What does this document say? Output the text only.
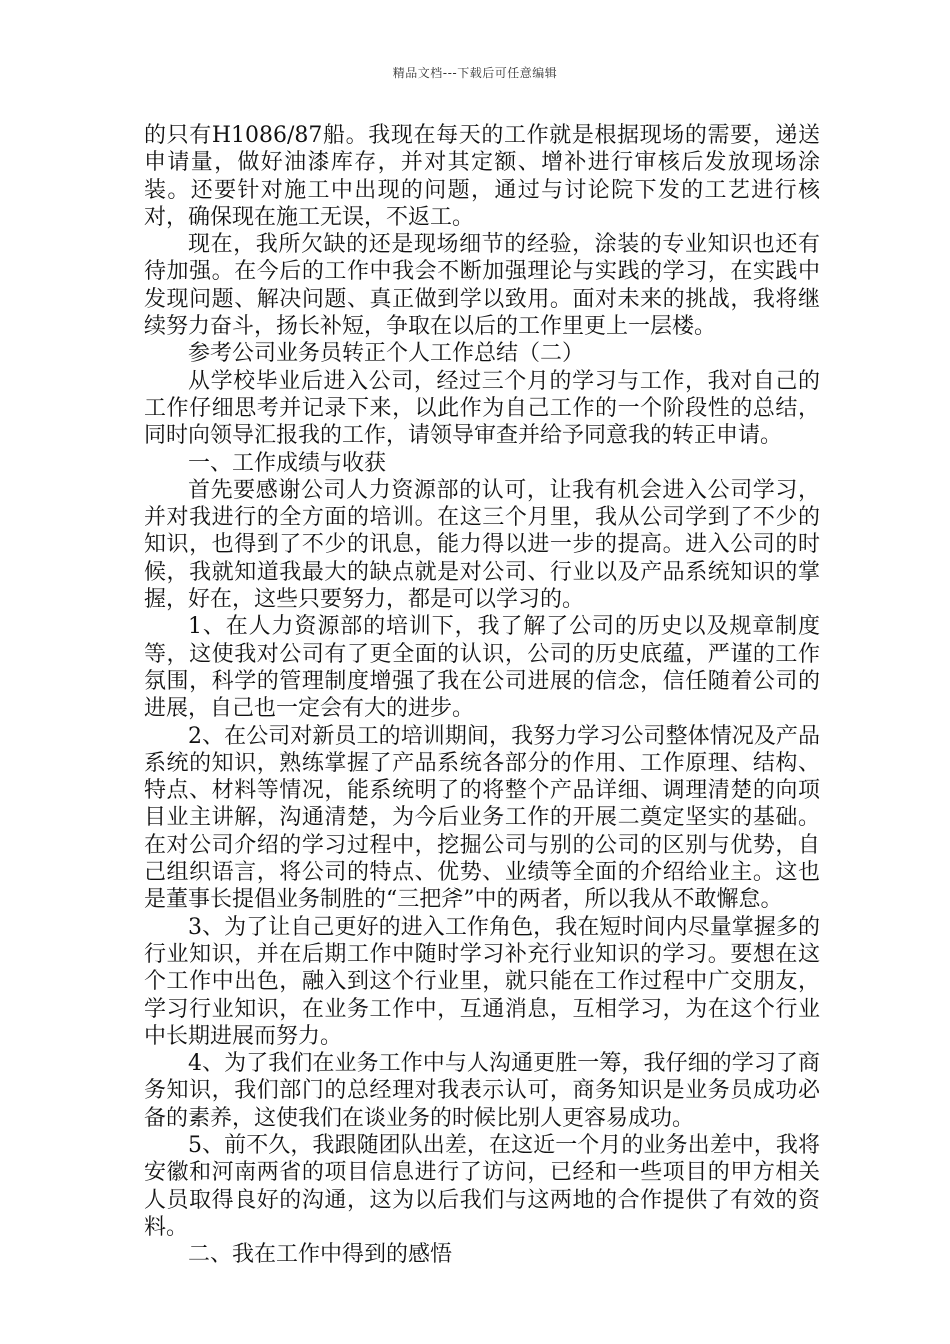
精品文档---下载后可任意编辑

的只有H1086/87船。我现在每天的工作就是根据现场的需要，递送申请量，做好油漆库存，并对其定额、增补进行审核后发放现场涂装。还要针对施工中出现的问题，通过与讨论院下发的工艺进行核对，确保现在施工无误，不返工。

现在，我所欠缺的还是现场细节的经验，涂装的专业知识也还有待加强。在今后的工作中我会不断加强理论与实践的学习，在实践中发现问题、解决问题、真正做到学以致用。面对未来的挑战，我将继续努力奋斗，扬长补短，争取在以后的工作里更上一层楼。

参考公司业务员转正个人工作总结（二）

从学校毕业后进入公司，经过三个月的学习与工作，我对自己的工作仔细思考并记录下来，以此作为自己工作的一个阶段性的总结，同时向领导汇报我的工作，请领导审查并给予同意我的转正申请。

一、工作成绩与收获

首先要感谢公司人力资源部的认可，让我有机会进入公司学习，并对我进行的全方面的培训。在这三个月里，我从公司学到了不少的知识，也得到了不少的讯息，能力得以进一步的提高。进入公司的时候，我就知道我最大的缺点就是对公司、行业以及产品系统知识的掌握，好在，这些只要努力，都是可以学习的。

1、在人力资源部的培训下，我了解了公司的历史以及规章制度等，这使我对公司有了更全面的认识，公司的历史底蕴，严谨的工作氛围，科学的管理制度增强了我在公司进展的信念，信任随着公司的进展，自己也一定会有大的进步。

2、在公司对新员工的培训期间，我努力学习公司整体情况及产品系统的知识，熟练掌握了产品系统各部分的作用、工作原理、结构、特点、材料等情况，能系统明了的将整个产品详细、调理清楚的向项目业主讲解，沟通清楚，为今后业务工作的开展二奠定坚实的基础。在对公司介绍的学习过程中，挖掘公司与别的公司的区别与优势，自己组织语言，将公司的特点、优势、业绩等全面的介绍给业主。这也是董事长提倡业务制胜的“三把斧”中的两者，所以我从不敢懈怠。

3、为了让自己更好的进入工作角色，我在短时间内尽量掌握多的行业知识，并在后期工作中随时学习补充行业知识的学习。要想在这个工作中出色，融入到这个行业里，就只能在工作过程中广交朋友，学习行业知识，在业务工作中，互通消息，互相学习，为在这个行业中长期进展而努力。

4、为了我们在业务工作中与人沟通更胜一筹，我仔细的学习了商务知识，我们部门的总经理对我表示认可，商务知识是业务员成功必备的素养，这使我们在谈业务的时候比别人更容易成功。

5、前不久，我跟随团队出差，在这近一个月的业务出差中，我将安徽和河南两省的项目信息进行了访问，已经和一些项目的甲方相关人员取得良好的沟通，这为以后我们与这两地的合作提供了有效的资料。

二、我在工作中得到的感悟
